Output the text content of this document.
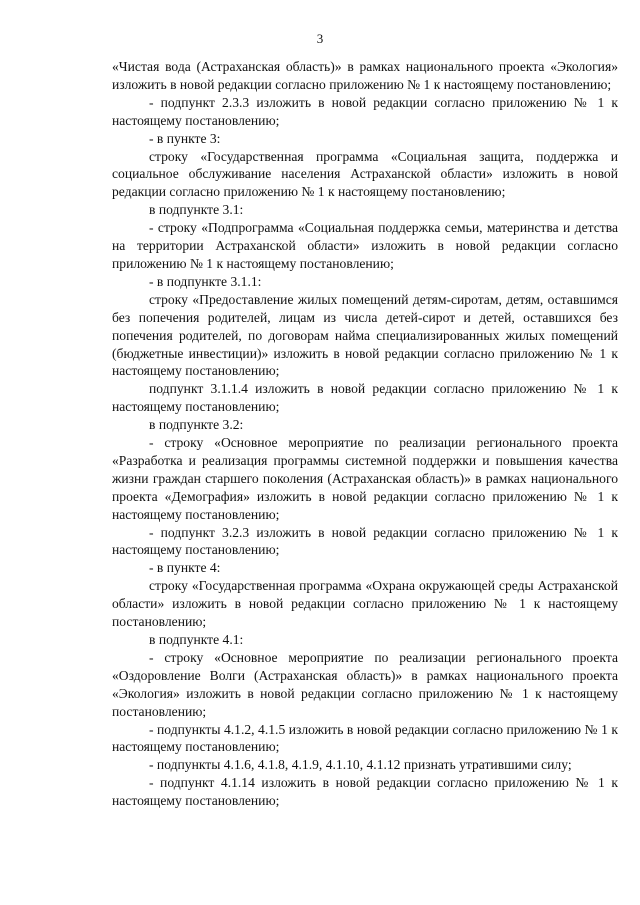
3

«Чистая вода (Астраханская область)» в рамках национального проекта «Экология» изложить в новой редакции согласно приложению № 1 к настоящему постановлению;

- подпункт 2.3.3 изложить в новой редакции согласно приложению № 1 к настоящему постановлению;

- в пункте 3:

строку «Государственная программа «Социальная защита, поддержка и социальное обслуживание населения Астраханской области» изложить в новой редакции согласно приложению № 1 к настоящему постановлению;

в подпункте 3.1:

- строку «Подпрограмма «Социальная поддержка семьи, материнства и детства на территории Астраханской области» изложить в новой редакции согласно приложению № 1 к настоящему постановлению;

- в подпункте 3.1.1:

строку «Предоставление жилых помещений детям-сиротам, детям, оставшимся без попечения родителей, лицам из числа детей-сирот и детей, оставшихся без попечения родителей, по договорам найма специализированных жилых помещений (бюджетные инвестиции)» изложить в новой редакции согласно приложению № 1 к настоящему постановлению;

подпункт 3.1.1.4 изложить в новой редакции согласно приложению № 1 к настоящему постановлению;

в подпункте 3.2:

- строку «Основное мероприятие по реализации регионального проекта «Разработка и реализация программы системной поддержки и повышения качества жизни граждан старшего поколения (Астраханская область)» в рамках национального проекта «Демография» изложить в новой редакции согласно приложению № 1 к настоящему постановлению;

- подпункт 3.2.3 изложить в новой редакции согласно приложению № 1 к настоящему постановлению;

- в пункте 4:

строку «Государственная программа «Охрана окружающей среды Астраханской области» изложить в новой редакции согласно приложению № 1 к настоящему постановлению;

в подпункте 4.1:

- строку «Основное мероприятие по реализации регионального проекта «Оздоровление Волги (Астраханская область)» в рамках национального проекта «Экология» изложить в новой редакции согласно приложению № 1 к настоящему постановлению;

- подпункты 4.1.2, 4.1.5 изложить в новой редакции согласно приложению № 1 к настоящему постановлению;

- подпункты 4.1.6, 4.1.8, 4.1.9, 4.1.10, 4.1.12 признать утратившими силу;

- подпункт 4.1.14 изложить в новой редакции согласно приложению № 1 к настоящему постановлению;
